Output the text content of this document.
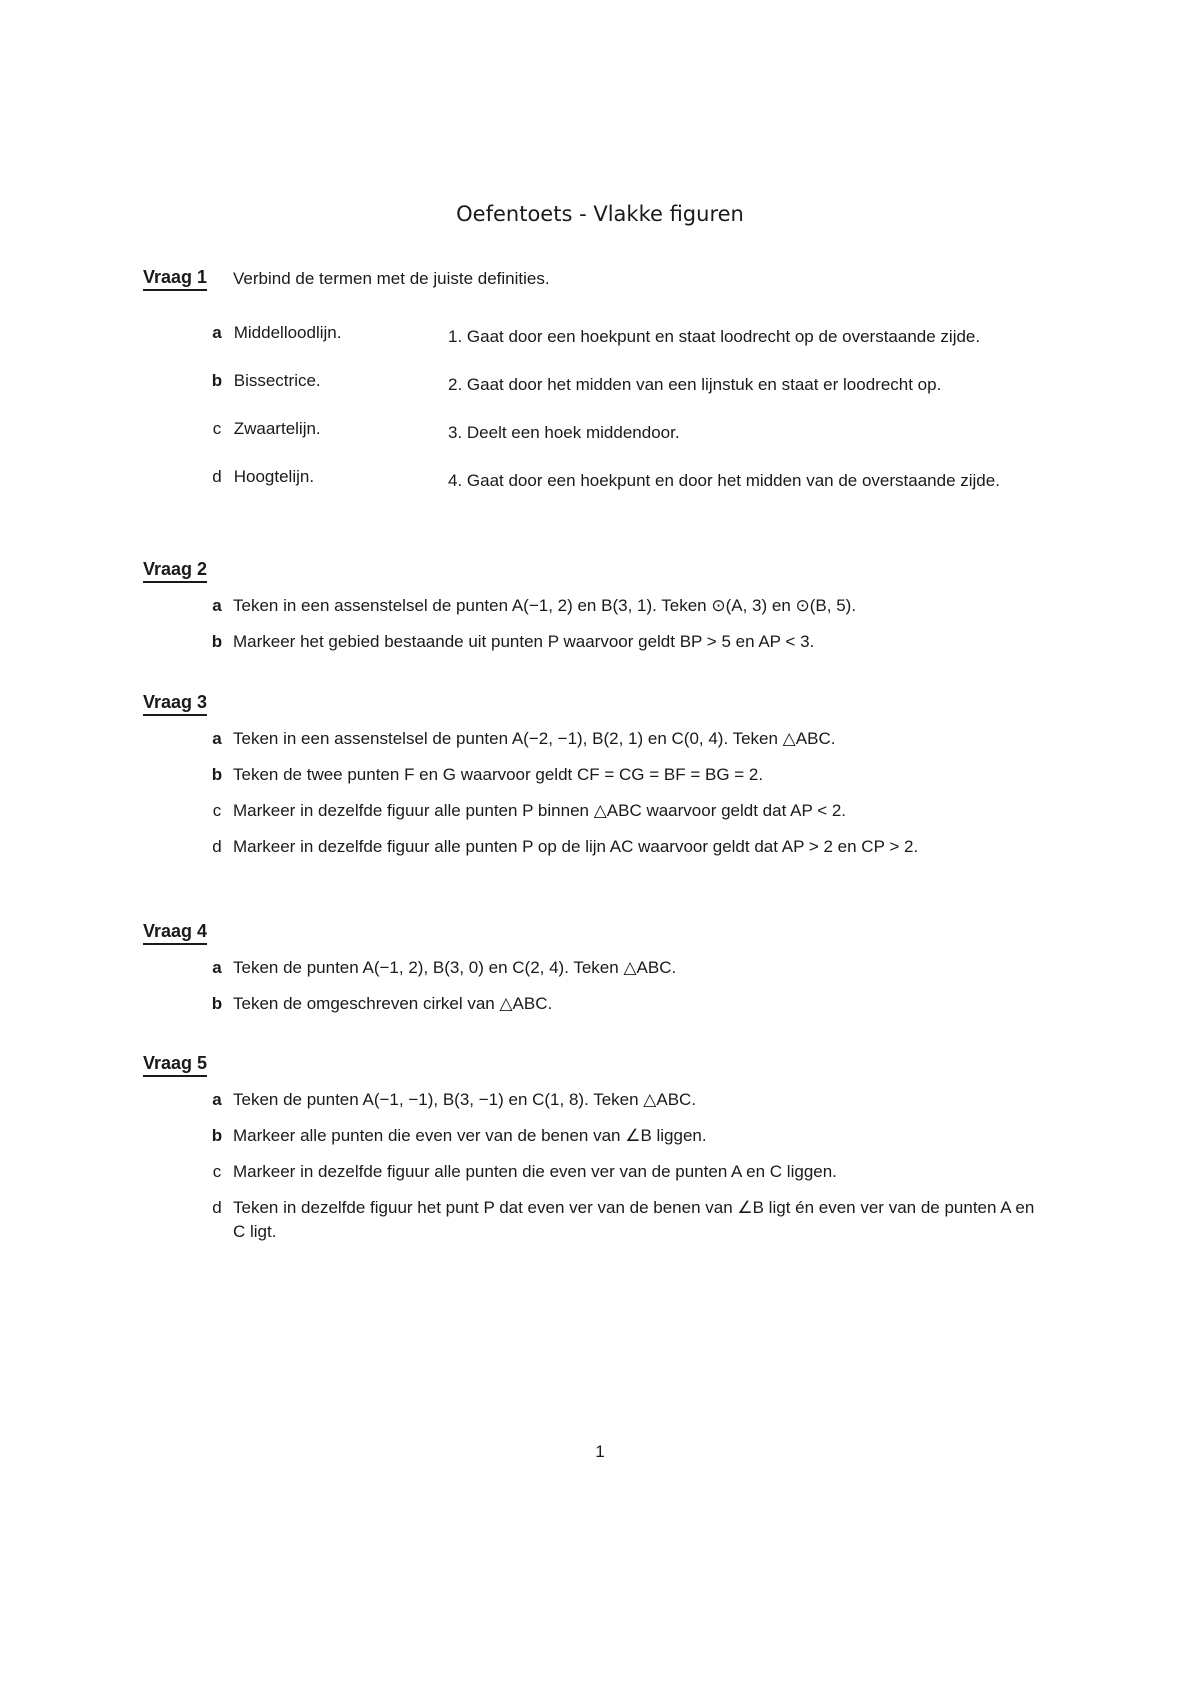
Oefentoets - Vlakke figuren
Vraag 1 Verbind de termen met de juiste definities.
a Middelloodlijn.
b Bissectrice.
c Zwaartelijn.
d Hoogtelijn.
1. Gaat door een hoekpunt en staat loodrecht op de overstaande zijde.
2. Gaat door het midden van een lijnstuk en staat er loodrecht op.
3. Deelt een hoek middendoor.
4. Gaat door een hoekpunt en door het midden van de overstaande zijde.
Vraag 2
a Teken in een assenstelsel de punten A(−1, 2) en B(3, 1). Teken ⊙(A, 3) en ⊙(B, 5).
b Markeer het gebied bestaande uit punten P waarvoor geldt BP > 5 en AP < 3.
Vraag 3
a Teken in een assenstelsel de punten A(−2, −1), B(2, 1) en C(0, 4). Teken △ABC.
b Teken de twee punten F en G waarvoor geldt CF = CG = BF = BG = 2.
c Markeer in dezelfde figuur alle punten P binnen △ABC waarvoor geldt dat AP < 2.
d Markeer in dezelfde figuur alle punten P op de lijn AC waarvoor geldt dat AP > 2 en CP > 2.
Vraag 4
a Teken de punten A(−1, 2), B(3, 0) en C(2, 4). Teken △ABC.
b Teken de omgeschreven cirkel van △ABC.
Vraag 5
a Teken de punten A(−1, −1), B(3, −1) en C(1, 8). Teken △ABC.
b Markeer alle punten die even ver van de benen van ∠B liggen.
c Markeer in dezelfde figuur alle punten die even ver van de punten A en C liggen.
d Teken in dezelfde figuur het punt P dat even ver van de benen van ∠B ligt én even ver van de punten A en C ligt.
1
